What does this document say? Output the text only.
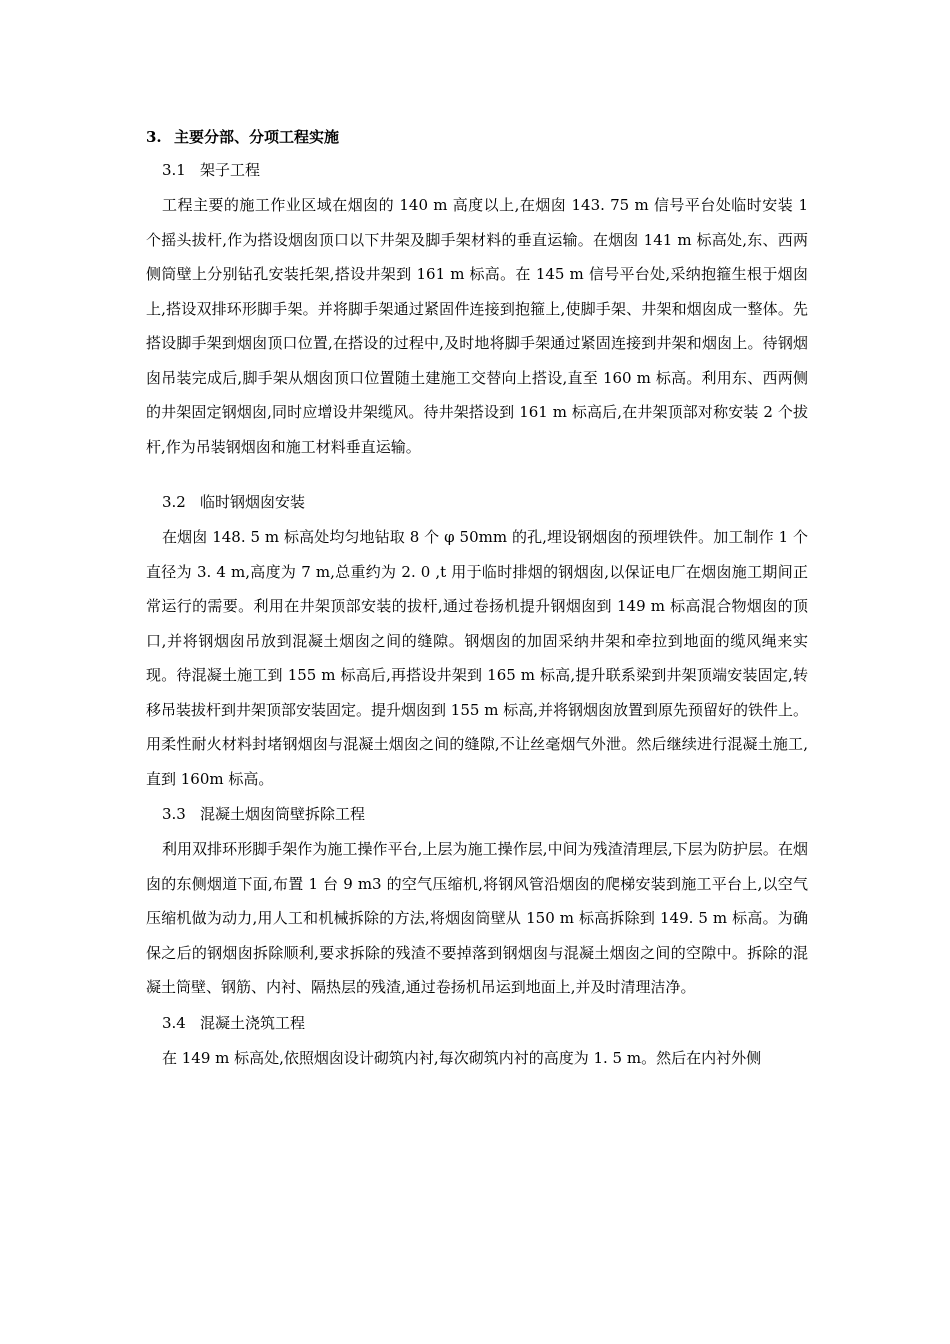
3. 主要分部、分项工程实施
3.1 架子工程

工程主要的施工作业区域在烟囱的 140 m 高度以上,在烟囱 143. 75 m 信号平台处临时安装 1 个摇头拔杆,作为搭设烟囱顶口以下井架及脚手架材料的垂直运输。在烟囱 141 m 标高处,东、西两侧筒壁上分别钻孔安装托架,搭设井架到 161 m 标高。在 145 m 信号平台处,采纳抱箍生根于烟囱上,搭设双排环形脚手架。并将脚手架通过紧固件连接到抱箍上,使脚手架、井架和烟囱成一整体。先搭设脚手架到烟囱顶口位置,在搭设的过程中,及时地将脚手架通过紧固连接到井架和烟囱上。待钢烟囱吊装完成后,脚手架从烟囱顶口位置随土建施工交替向上搭设,直至 160 m 标高。利用东、西两侧的井架固定钢烟囱,同时应增设井架缆风。待井架搭设到 161 m 标高后,在井架顶部对称安装 2 个拔杆,作为吊装钢烟囱和施工材料垂直运输。

3.2 临时钢烟囱安装

在烟囱 148. 5 m 标高处均匀地钻取 8 个 φ 50mm 的孔,埋设钢烟囱的预埋铁件。加工制作 1 个直径为 3. 4 m,高度为 7 m,总重约为 2. 0 ,t 用于临时排烟的钢烟囱,以保证电厂在烟囱施工期间正常运行的需要。利用在井架顶部安装的拔杆,通过卷扬机提升钢烟囱到 149 m 标高混合物烟囱的顶口,并将钢烟囱吊放到混凝土烟囱之间的缝隙。钢烟囱的加固采纳井架和牵拉到地面的缆风绳来实现。待混凝土施工到 155 m 标高后,再搭设井架到 165 m 标高,提升联系梁到井架顶端安装固定,转移吊装拔杆到井架顶部安装固定。提升烟囱到 155 m 标高,并将钢烟囱放置到原先预留好的铁件上。用柔性耐火材料封堵钢烟囱与混凝土烟囱之间的缝隙,不让丝毫烟气外泄。然后继续进行混凝土施工,直到 160m 标高。

3.3 混凝土烟囱筒壁拆除工程

利用双排环形脚手架作为施工操作平台,上层为施工操作层,中间为残渣清理层,下层为防护层。在烟囱的东侧烟道下面,布置 1 台 9 m3 的空气压缩机,将钢风管沿烟囱的爬梯安装到施工平台上,以空气压缩机做为动力,用人工和机械拆除的方法,将烟囱筒壁从 150 m 标高拆除到 149. 5 m 标高。为确保之后的钢烟囱拆除顺利,要求拆除的残渣不要掉落到钢烟囱与混凝土烟囱之间的空隙中。拆除的混凝土筒壁、钢筋、内衬、隔热层的残渣,通过卷扬机吊运到地面上,并及时清理洁净。

3.4 混凝土浇筑工程

在 149 m 标高处,依照烟囱设计砌筑内衬,每次砌筑内衬的高度为 1. 5 m。然后在内衬外侧
